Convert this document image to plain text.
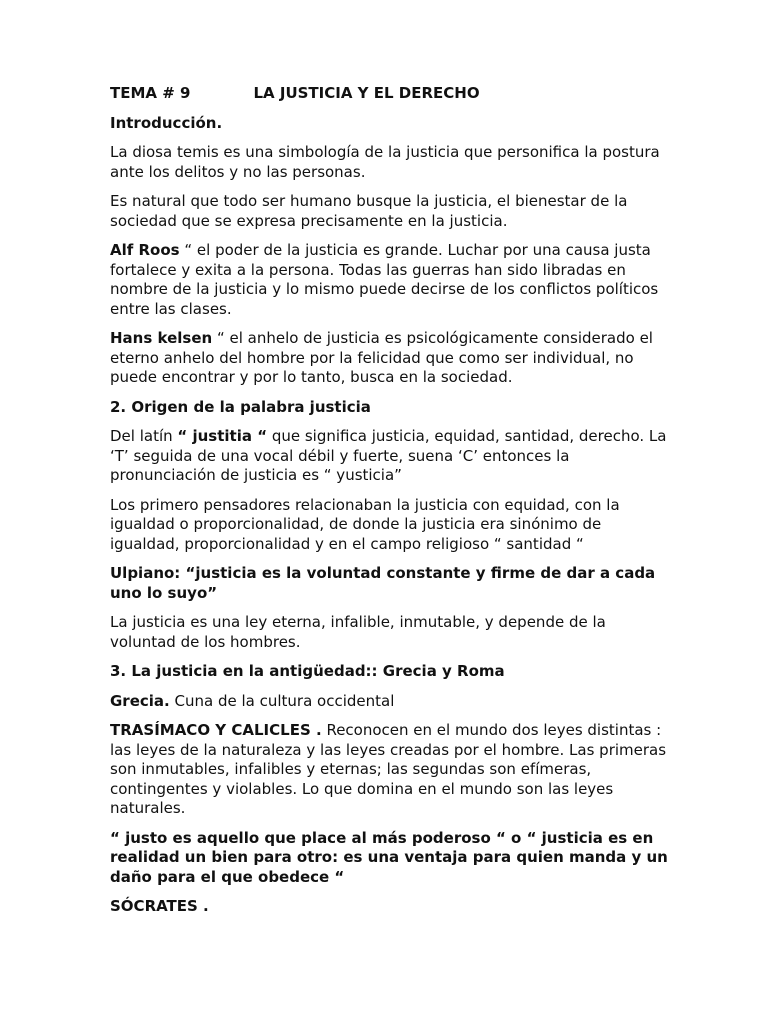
TEMA # 9	LA JUSTICIA Y EL DERECHO

Introducción.

La diosa temis es una simbología de la justicia que personifica la postura ante los delitos y no las personas.

Es natural que todo ser humano busque la justicia, el bienestar de la sociedad que se expresa precisamente en la justicia.

Alf Roos “ el poder de la justicia es grande. Luchar por una causa justa fortalece y exita a la persona. Todas las guerras han sido libradas en nombre de la justicia y lo mismo puede decirse de los conflictos políticos entre las clases.

Hans kelsen “ el anhelo de justicia es psicológicamente considerado el eterno anhelo del hombre por la felicidad que como ser individual, no puede encontrar y por lo tanto, busca en la sociedad.

2. Origen de la palabra justicia

Del latín “ justitia “ que significa justicia, equidad, santidad, derecho. La ‘T’ seguida de una vocal débil y fuerte, suena ‘C’ entonces la pronunciación de justicia es “ yusticia”

Los primero pensadores relacionaban la justicia con equidad, con la igualdad o proporcionalidad, de donde la justicia era sinónimo de igualdad, proporcionalidad y en el campo religioso “ santidad “

Ulpiano: “justicia es la voluntad constante y firme de dar a cada uno lo suyo”

La justicia es una ley eterna, infalible, inmutable, y depende de la voluntad de los hombres.

3. La justicia en la antigüedad:: Grecia y Roma

Grecia. Cuna de la cultura occidental

TRASÍMACO Y CALICLES . Reconocen en el mundo dos leyes distintas : las leyes de la naturaleza y las leyes creadas por el hombre. Las primeras son inmutables, infalibles y eternas; las segundas son efímeras, contingentes y violables. Lo que domina en el mundo son las leyes naturales.

“ justo es aquello que place al más poderoso “ o “ justicia es en realidad un bien para otro: es una ventaja para quien manda y un daño para el que obedece “

SÓCRATES .
